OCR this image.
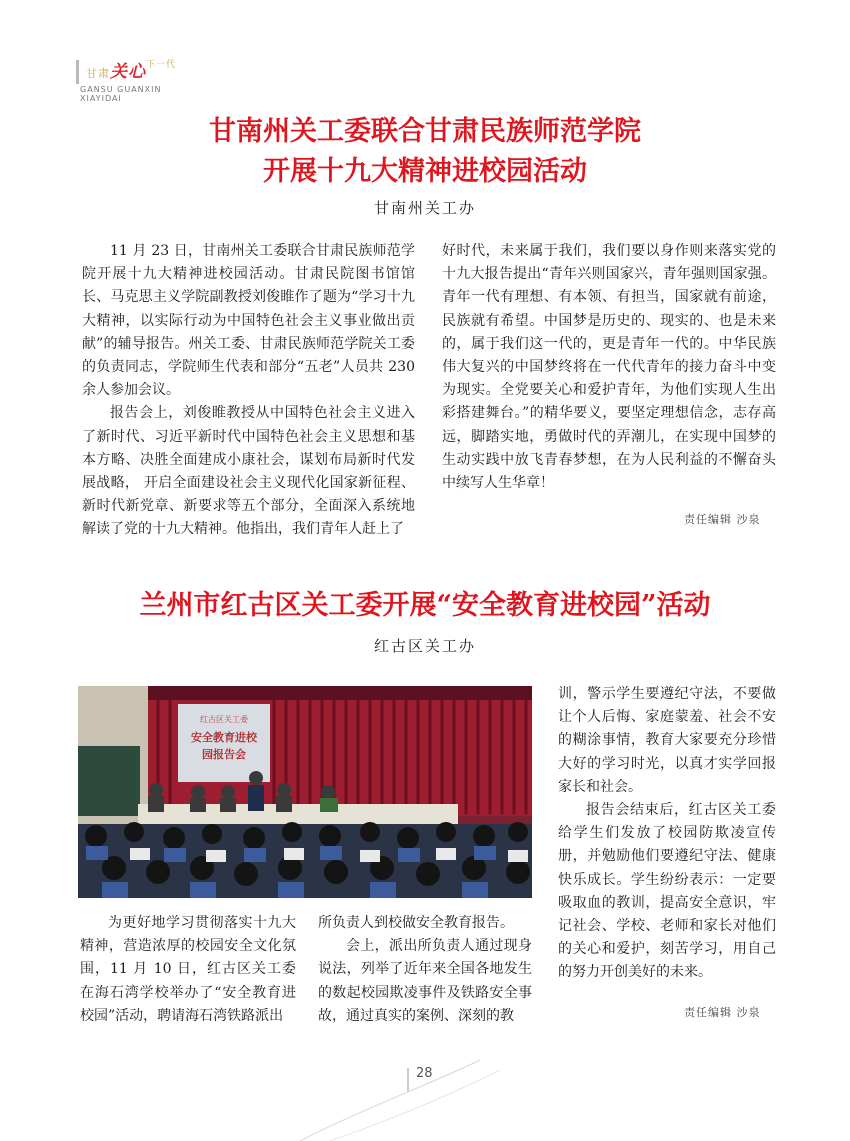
甘肃关心$^{下一代}$
GANSU GUANXIN
XIAYIDAI
甘南州关工委联合甘肃民族师范学院
开展十九大精神进校园活动
甘南州关工办

11 月 23 日，甘南州关工委联合甘肃民族师范学院开展十九大精神进校园活动。甘肃民院图书馆馆长、马克思主义学院副教授刘俊睢作了题为“学习十九大精神，以实际行动为中国特色社会主义事业做出贡献”的辅导报告。州关工委、甘肃民族师范学院关工委的负责同志，学院师生代表和部分“五老”人员共 230 余人参加会议。

报告会上，刘俊睢教授从中国特色社会主义进入了新时代、习近平新时代中国特色社会主义思想和基本方略、决胜全面建成小康社会，谋划布局新时代发展战略， 开启全面建设社会主义现代化国家新征程、新时代新党章、新要求等五个部分，全面深入系统地解读了党的十九大精神。他指出，我们青年人赶上了

好时代，未来属于我们，我们要以身作则来落实党的十九大报告提出“青年兴则国家兴，青年强则国家强。青年一代有理想、有本领、有担当，国家就有前途，民族就有希望。中国梦是历史的、现实的、也是未来的，属于我们这一代的，更是青年一代的。中华民族伟大复兴的中国梦终将在一代代青年的接力奋斗中变为现实。全党要关心和爱护青年，为他们实现人生出彩搭建舞台。”的精华要义，要坚定理想信念，志存高远，脚踏实地，勇做时代的弄潮儿，在实现中国梦的生动实践中放飞青春梦想，在为人民利益的不懈奋头中续写人生华章！

责任编辑 沙泉
兰州市红古区关工委开展“安全教育进校园”活动
红古区关工办
红古区关工委
安全教育进校
园报告会

为更好地学习贯彻落实十九大精神，营造浓厚的校园安全文化氛围，11 月 10 日，红古区关工委在海石湾学校举办了“安全教育进校园”活动，聘请海石湾铁路派出

所负责人到校做安全教育报告。

会上，派出所负责人通过现身说法，列举了近年来全国各地发生的数起校园欺凌事件及铁路安全事故，通过真实的案例、深刻的教

训，警示学生要遵纪守法，不要做让个人后悔、家庭蒙羞、社会不安的糊涂事情，教育大家要充分珍惜大好的学习时光，以真才实学回报家长和社会。

报告会结束后，红古区关工委给学生们发放了校园防欺凌宣传册，并勉励他们要遵纪守法、健康快乐成长。学生纷纷表示：一定要吸取血的教训，提高安全意识，牢记社会、学校、老师和家长对他们的关心和爱护，刻苦学习，用自己的努力开创美好的未来。

责任编辑 沙泉
28
